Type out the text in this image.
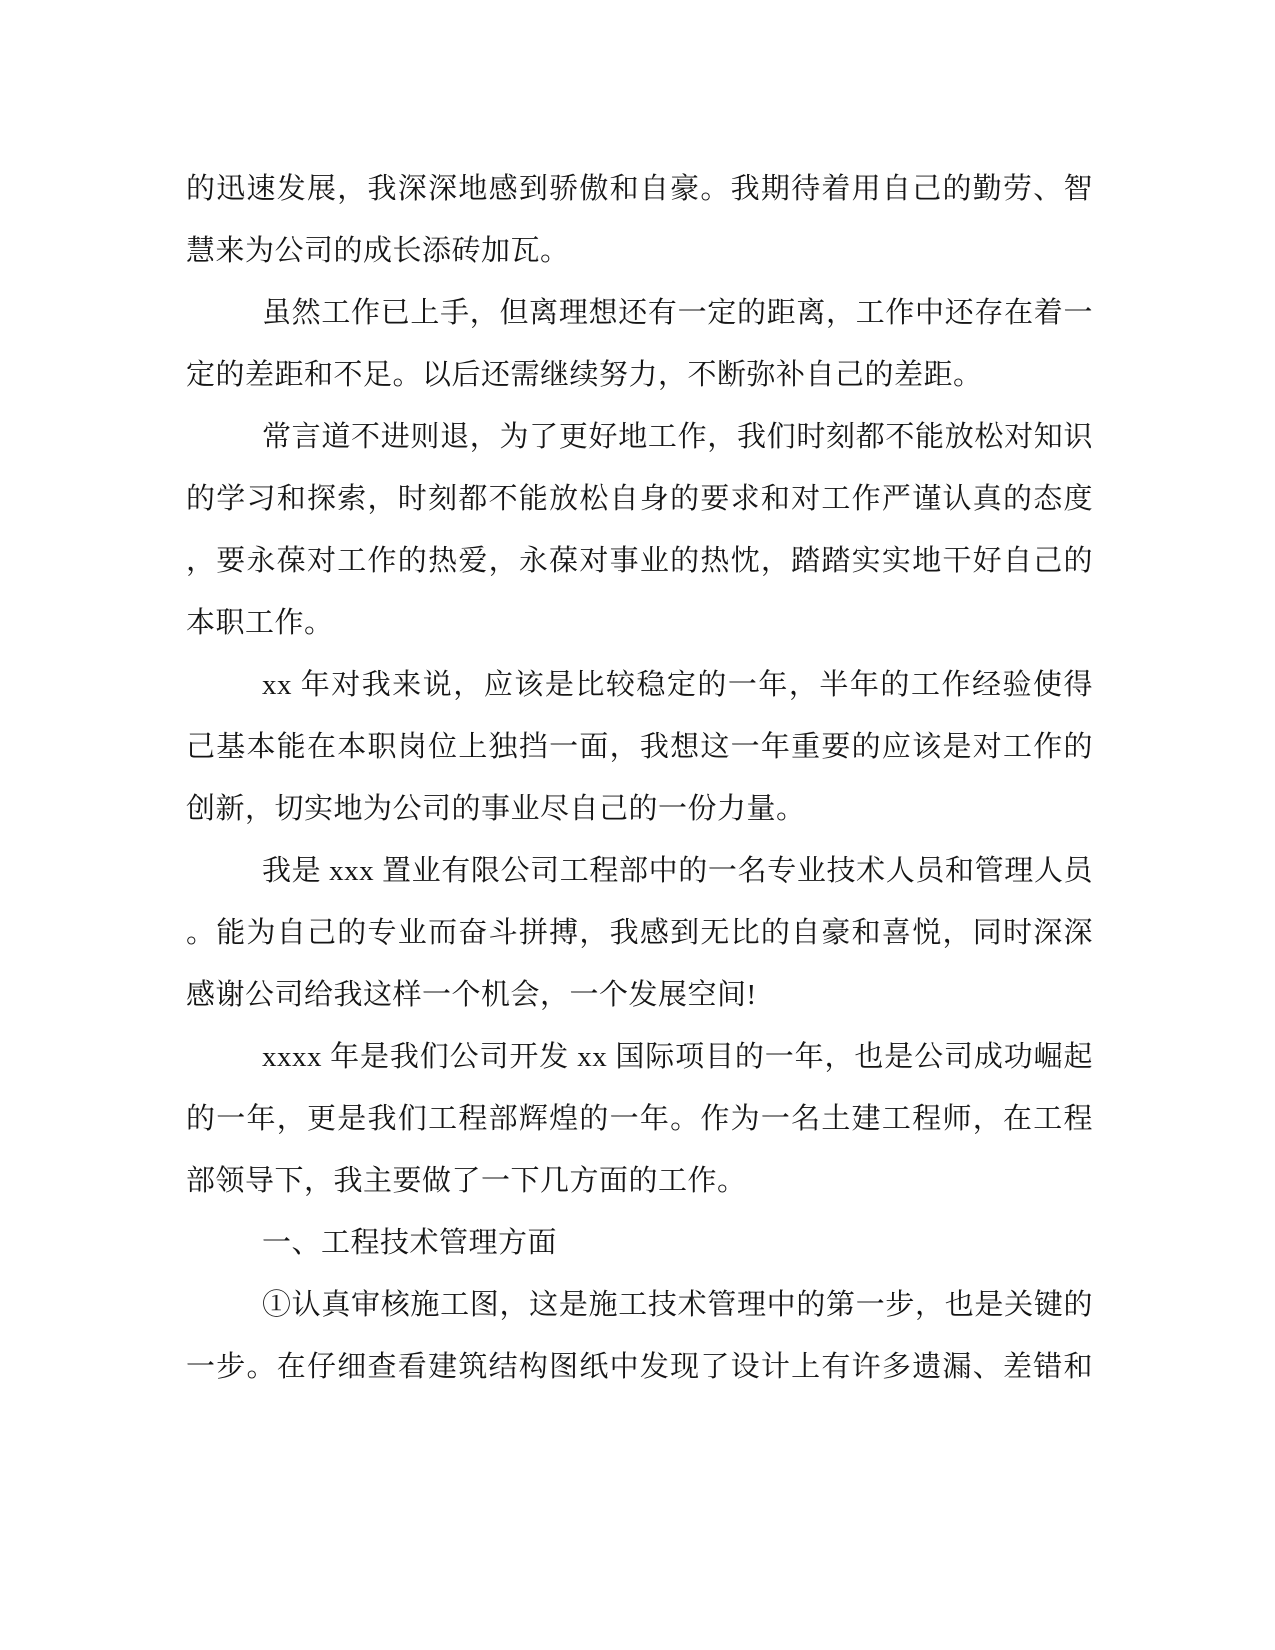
的迅速发展，我深深地感到骄傲和自豪。我期待着用自己的勤劳、智
慧来为公司的成长添砖加瓦。
虽然工作已上手，但离理想还有一定的距离，工作中还存在着一
定的差距和不足。以后还需继续努力，不断弥补自己的差距。
常言道不进则退，为了更好地工作，我们时刻都不能放松对知识
的学习和探索，时刻都不能放松自身的要求和对工作严谨认真的态度
，要永葆对工作的热爱，永葆对事业的热忱，踏踏实实地干好自己的
本职工作。
xx 年对我来说，应该是比较稳定的一年，半年的工作经验使得
己基本能在本职岗位上独挡一面，我想这一年重要的应该是对工作的
创新，切实地为公司的事业尽自己的一份力量。
我是 xxx 置业有限公司工程部中的一名专业技术人员和管理人员
。能为自己的专业而奋斗拼搏，我感到无比的自豪和喜悦，同时深深
感谢公司给我这样一个机会，一个发展空间!
xxxx 年是我们公司开发 xx 国际项目的一年，也是公司成功崛起
的一年，更是我们工程部辉煌的一年。作为一名土建工程师，在工程
部领导下，我主要做了一下几方面的工作。
一、工程技术管理方面
①认真审核施工图，这是施工技术管理中的第一步，也是关键的
一步。在仔细查看建筑结构图纸中发现了设计上有许多遗漏、差错和
